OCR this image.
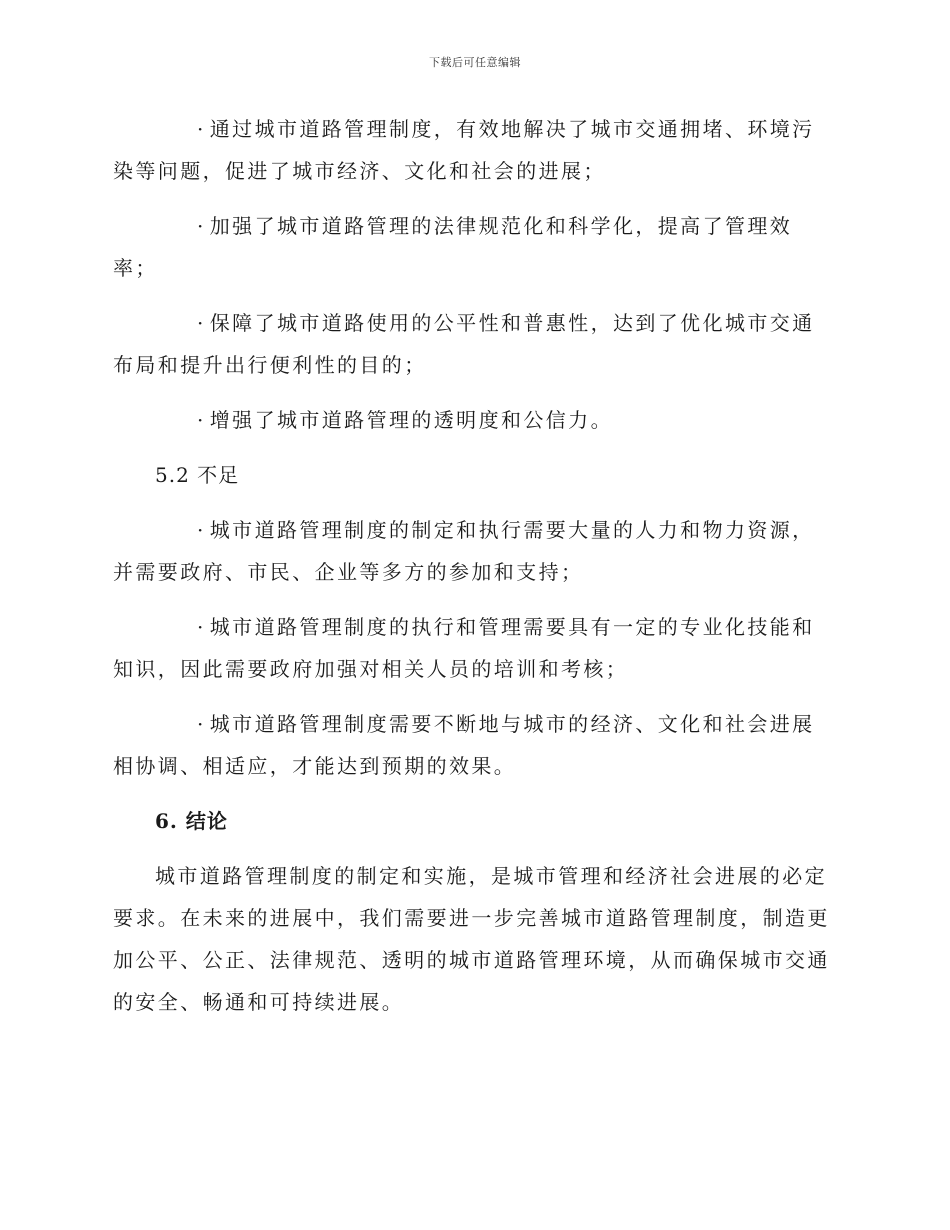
下载后可任意编辑

· 通过城市道路管理制度，有效地解决了城市交通拥堵、环境污染等问题，促进了城市经济、文化和社会的进展；

· 加强了城市道路管理的法律规范化和科学化，提高了管理效率；

· 保障了城市道路使用的公平性和普惠性，达到了优化城市交通布局和提升出行便利性的目的；

· 增强了城市道路管理的透明度和公信力。

5.2 不足

· 城市道路管理制度的制定和执行需要大量的人力和物力资源，并需要政府、市民、企业等多方的参加和支持；

· 城市道路管理制度的执行和管理需要具有一定的专业化技能和知识，因此需要政府加强对相关人员的培训和考核；

· 城市道路管理制度需要不断地与城市的经济、文化和社会进展相协调、相适应，才能达到预期的效果。

6. 结论

城市道路管理制度的制定和实施，是城市管理和经济社会进展的必定要求。在未来的进展中，我们需要进一步完善城市道路管理制度，制造更加公平、公正、法律规范、透明的城市道路管理环境，从而确保城市交通的安全、畅通和可持续进展。
